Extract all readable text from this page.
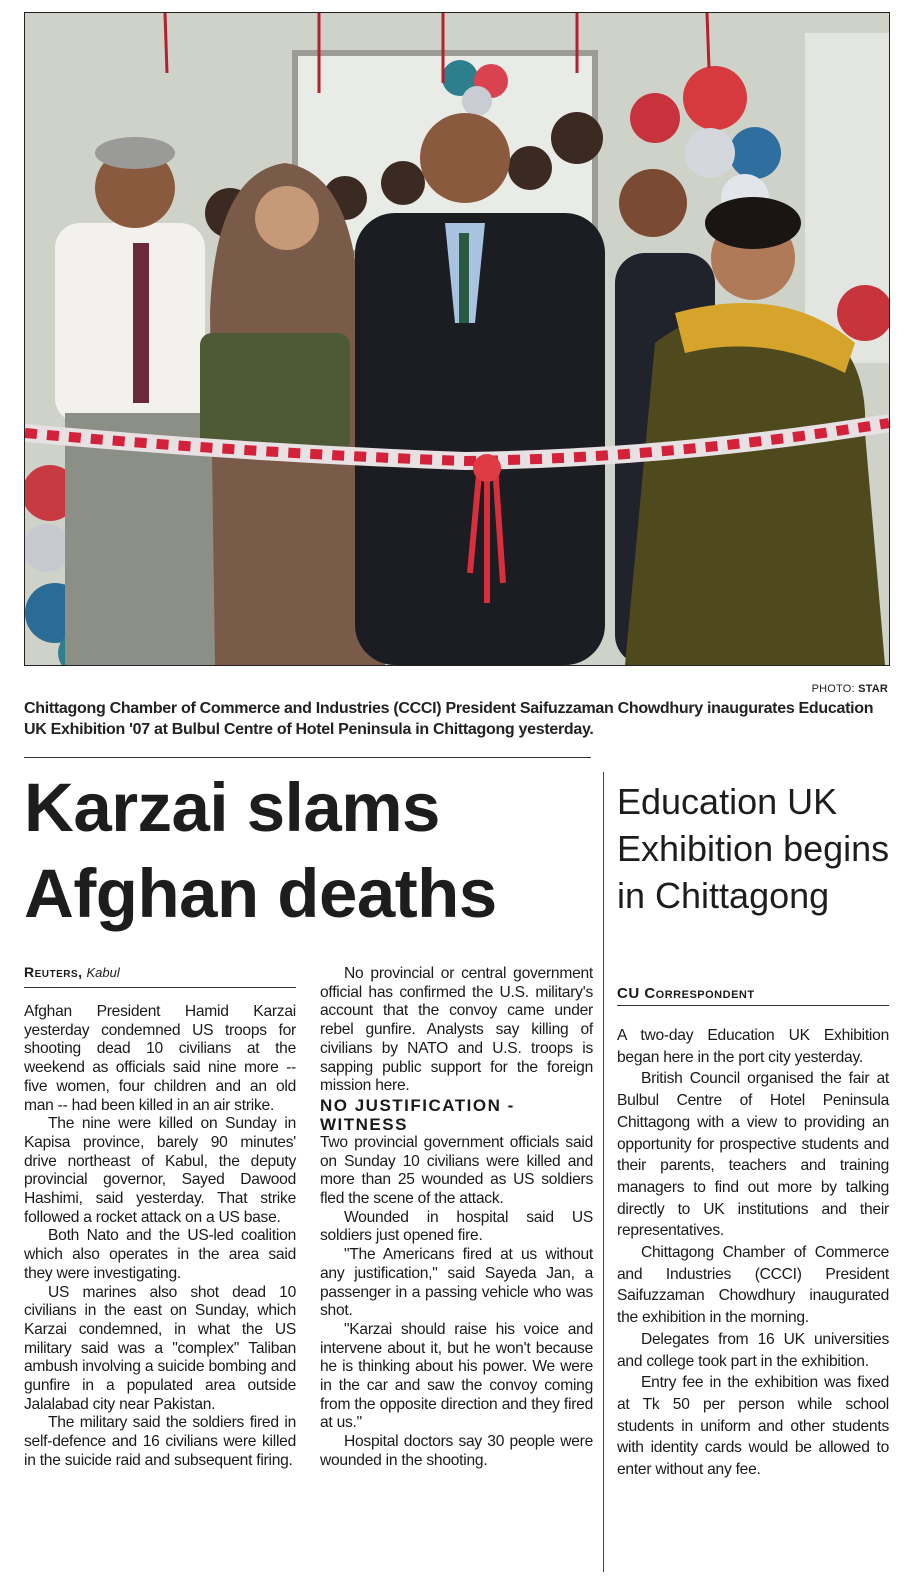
PHOTO: STAR
Chittagong Chamber of Commerce and Industries (CCCI) President Saifuzzaman Chowdhury inaugurates Education UK Exhibition '07 at Bulbul Centre of Hotel Peninsula in Chittagong yesterday.
Karzai slams Afghan deaths
Reuters, Kabul

Afghan President Hamid Karzai yesterday condemned US troops for shooting dead 10 civilians at the weekend as officials said nine more -- five women, four children and an old man -- had been killed in an air strike.

The nine were killed on Sunday in Kapisa province, barely 90 minutes' drive northeast of Kabul, the deputy provincial governor, Sayed Dawood Hashimi, said yesterday. That strike followed a rocket attack on a US base.

Both Nato and the US-led coalition which also operates in the area said they were investigating.

US marines also shot dead 10 civilians in the east on Sunday, which Karzai condemned, in what the US military said was a "complex" Taliban ambush involving a suicide bombing and gunfire in a populated area outside Jalalabad city near Pakistan.

The military said the soldiers fired in self-defence and 16 civilians were killed in the suicide raid and subsequent firing.

No provincial or central government official has confirmed the U.S. military's account that the convoy came under rebel gunfire. Analysts say killing of civilians by NATO and U.S. troops is sapping public support for the foreign mission here.

NO JUSTIFICATION - WITNESS

Two provincial government officials said on Sunday 10 civilians were killed and more than 25 wounded as US soldiers fled the scene of the attack.

Wounded in hospital said US soldiers just opened fire.

"The Americans fired at us without any justification," said Sayeda Jan, a passenger in a passing vehicle who was shot.

"Karzai should raise his voice and intervene about it, but he won't because he is thinking about his power. We were in the car and saw the convoy coming from the opposite direction and they fired at us."

Hospital doctors say 30 people were wounded in the shooting.

Education UK Exhibition begins in Chittagong
CU Correspondent

A two-day Education UK Exhibition began here in the port city yesterday.

British Council organised the fair at Bulbul Centre of Hotel Peninsula Chittagong with a view to providing an opportunity for prospective students and their parents, teachers and training managers to find out more by talking directly to UK institutions and their representatives.

Chittagong Chamber of Commerce and Industries (CCCI) President Saifuzzaman Chowdhury inaugurated the exhibition in the morning.

Delegates from 16 UK universities and college took part in the exhibition.

Entry fee in the exhibition was fixed at Tk 50 per person while school students in uniform and other students with identity cards would be allowed to enter without any fee.
